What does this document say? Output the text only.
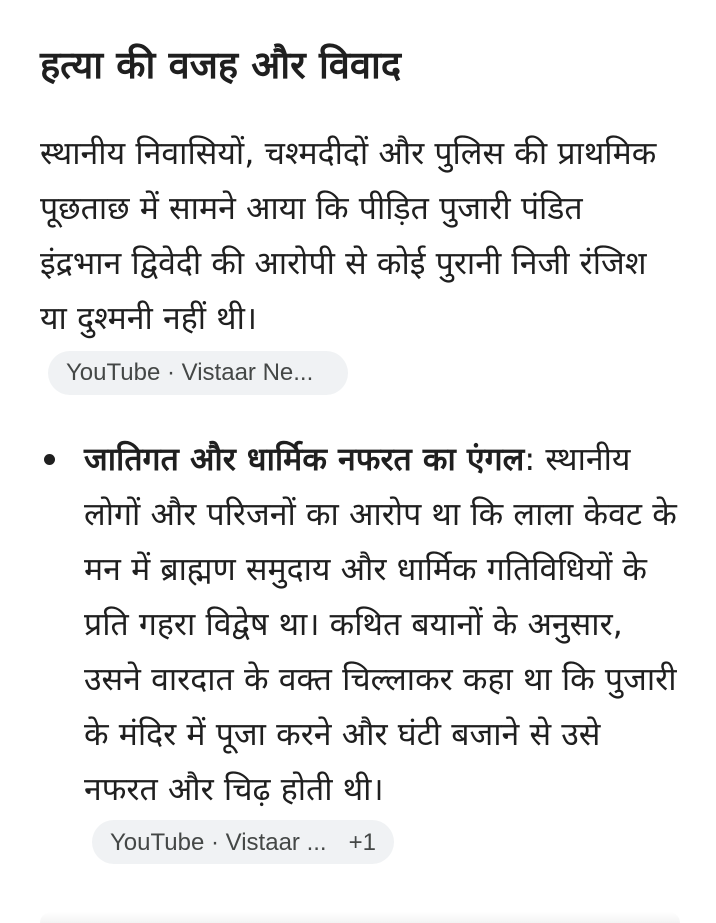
हत्या की वजह और विवाद

स्थानीय निवासियों, चश्मदीदों और पुलिस की प्राथमिक पूछताछ में सामने आया कि पीड़ित पुजारी पंडित इंद्रभान द्विवेदी की आरोपी से कोई पुरानी निजी रंजिश या दुश्मनी नहीं थी।

YouTube · Vistaar Ne...
जातिगत और धार्मिक नफरत का एंगल: स्थानीय लोगों और परिजनों का आरोप था कि लाला केवट के मन में ब्राह्मण समुदाय और धार्मिक गतिविधियों के प्रति गहरा विद्वेष था। कथित बयानों के अनुसार, उसने वारदात के वक्त चिल्लाकर कहा था कि पुजारी के मंदिर में पूजा करने और घंटी बजाने से उसे नफरत और चिढ़ होती थी।
YouTube · Vistaar ... +1
